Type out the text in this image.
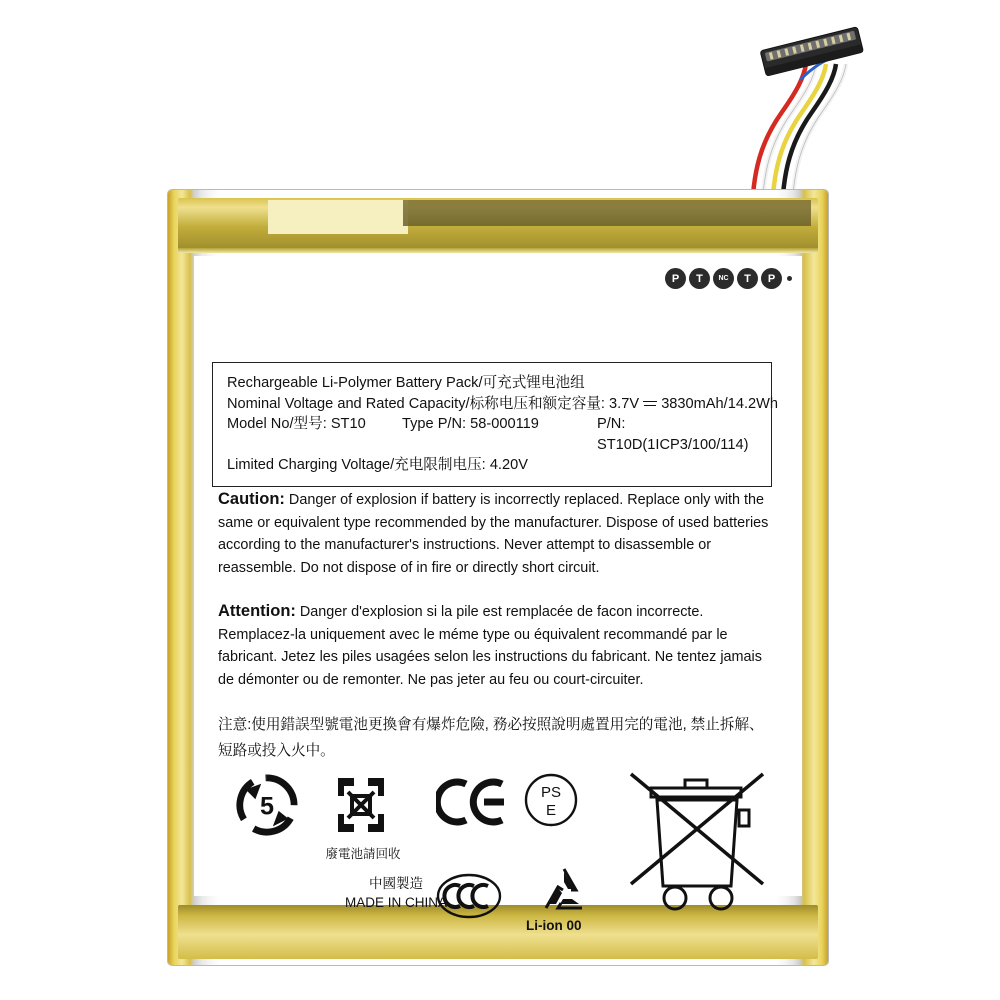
P	T	NC	T	P
Rechargeable Li-Polymer Battery Pack/可充式锂电池组
Nominal Voltage and Rated Capacity/标称电压和额定容量: 3.7V 3830mAh/14.2Wh
Model No/型号: ST10	Type P/N: 58-000119	P/N: ST10D(1ICP3/100/114)
Limited Charging Voltage/充电限制电压: 4.20V
Caution: Danger of explosion if battery is incorrectly replaced. Replace only with the same or equivalent type recommended by the manufacturer. Dispose of used batteries according to the manufacturer's instructions. Never attempt to disassemble or reassemble. Do not dispose of in fire or directly short circuit.
Attention: Danger d'explosion si la pile est remplacée de facon incorrecte. Remplacez-la uniquement avec le méme type ou équivalent recommandé par le fabricant. Jetez les piles usagées selon les instructions du fabricant. Ne tentez jamais de démonter ou de remonter. Ne pas jeter au feu ou court-circuiter.
注意:使用錯誤型號電池更換會有爆炸危險, 務必按照說明處置用完的電池, 禁止拆解、
短路或投入火中。
5
廢電池請回收
PS
E
中國製造
MADE IN CHINA
Li-ion 00
